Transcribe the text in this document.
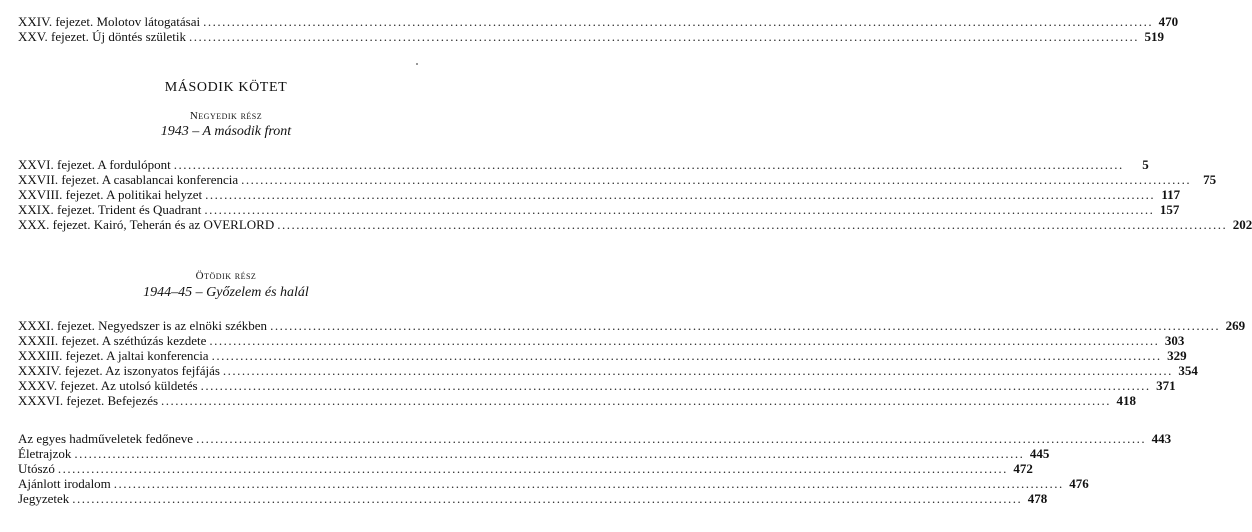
XXIV. fejezet. Molotov látogatásai ........................................................................................................................................................................................................ 470
XXV. fejezet. Új döntés születik ........................................................................................................................................................................................................ 519
MÁSODIK KÖTET
Negyedik rész
1943 – A második front
XXVI. fejezet. A fordulópont ........................................................................................................................................................................................................	5
XXVII. fejezet. A casablancai konferencia ........................................................................................................................................................................................................ 75
XXVIII. fejezet. A politikai helyzet ........................................................................................................................................................................................................ 117
XXIX. fejezet. Trident és Quadrant ........................................................................................................................................................................................................ 157
XXX. fejezet. Kairó, Teherán és az OVERLORD ........................................................................................................................................................................................................ 202
Ötödik rész
1944–45 – Győzelem és halál
XXXI. fejezet. Negyedszer is az elnöki székben ........................................................................................................................................................................................................ 269
XXXII. fejezet. A széthúzás kezdete ........................................................................................................................................................................................................ 303
XXXIII. fejezet. A jaltai konferencia ........................................................................................................................................................................................................ 329
XXXIV. fejezet. Az iszonyatos fejfájás ........................................................................................................................................................................................................ 354
XXXV. fejezet. Az utolsó küldetés ........................................................................................................................................................................................................ 371
XXXVI. fejezet. Befejezés ........................................................................................................................................................................................................ 418
Az egyes hadműveletek fedőneve ........................................................................................................................................................................................................ 443
Életrajzok ........................................................................................................................................................................................................ 445
Utószó ........................................................................................................................................................................................................ 472
Ajánlott irodalom ........................................................................................................................................................................................................ 476
Jegyzetek ........................................................................................................................................................................................................ 478
